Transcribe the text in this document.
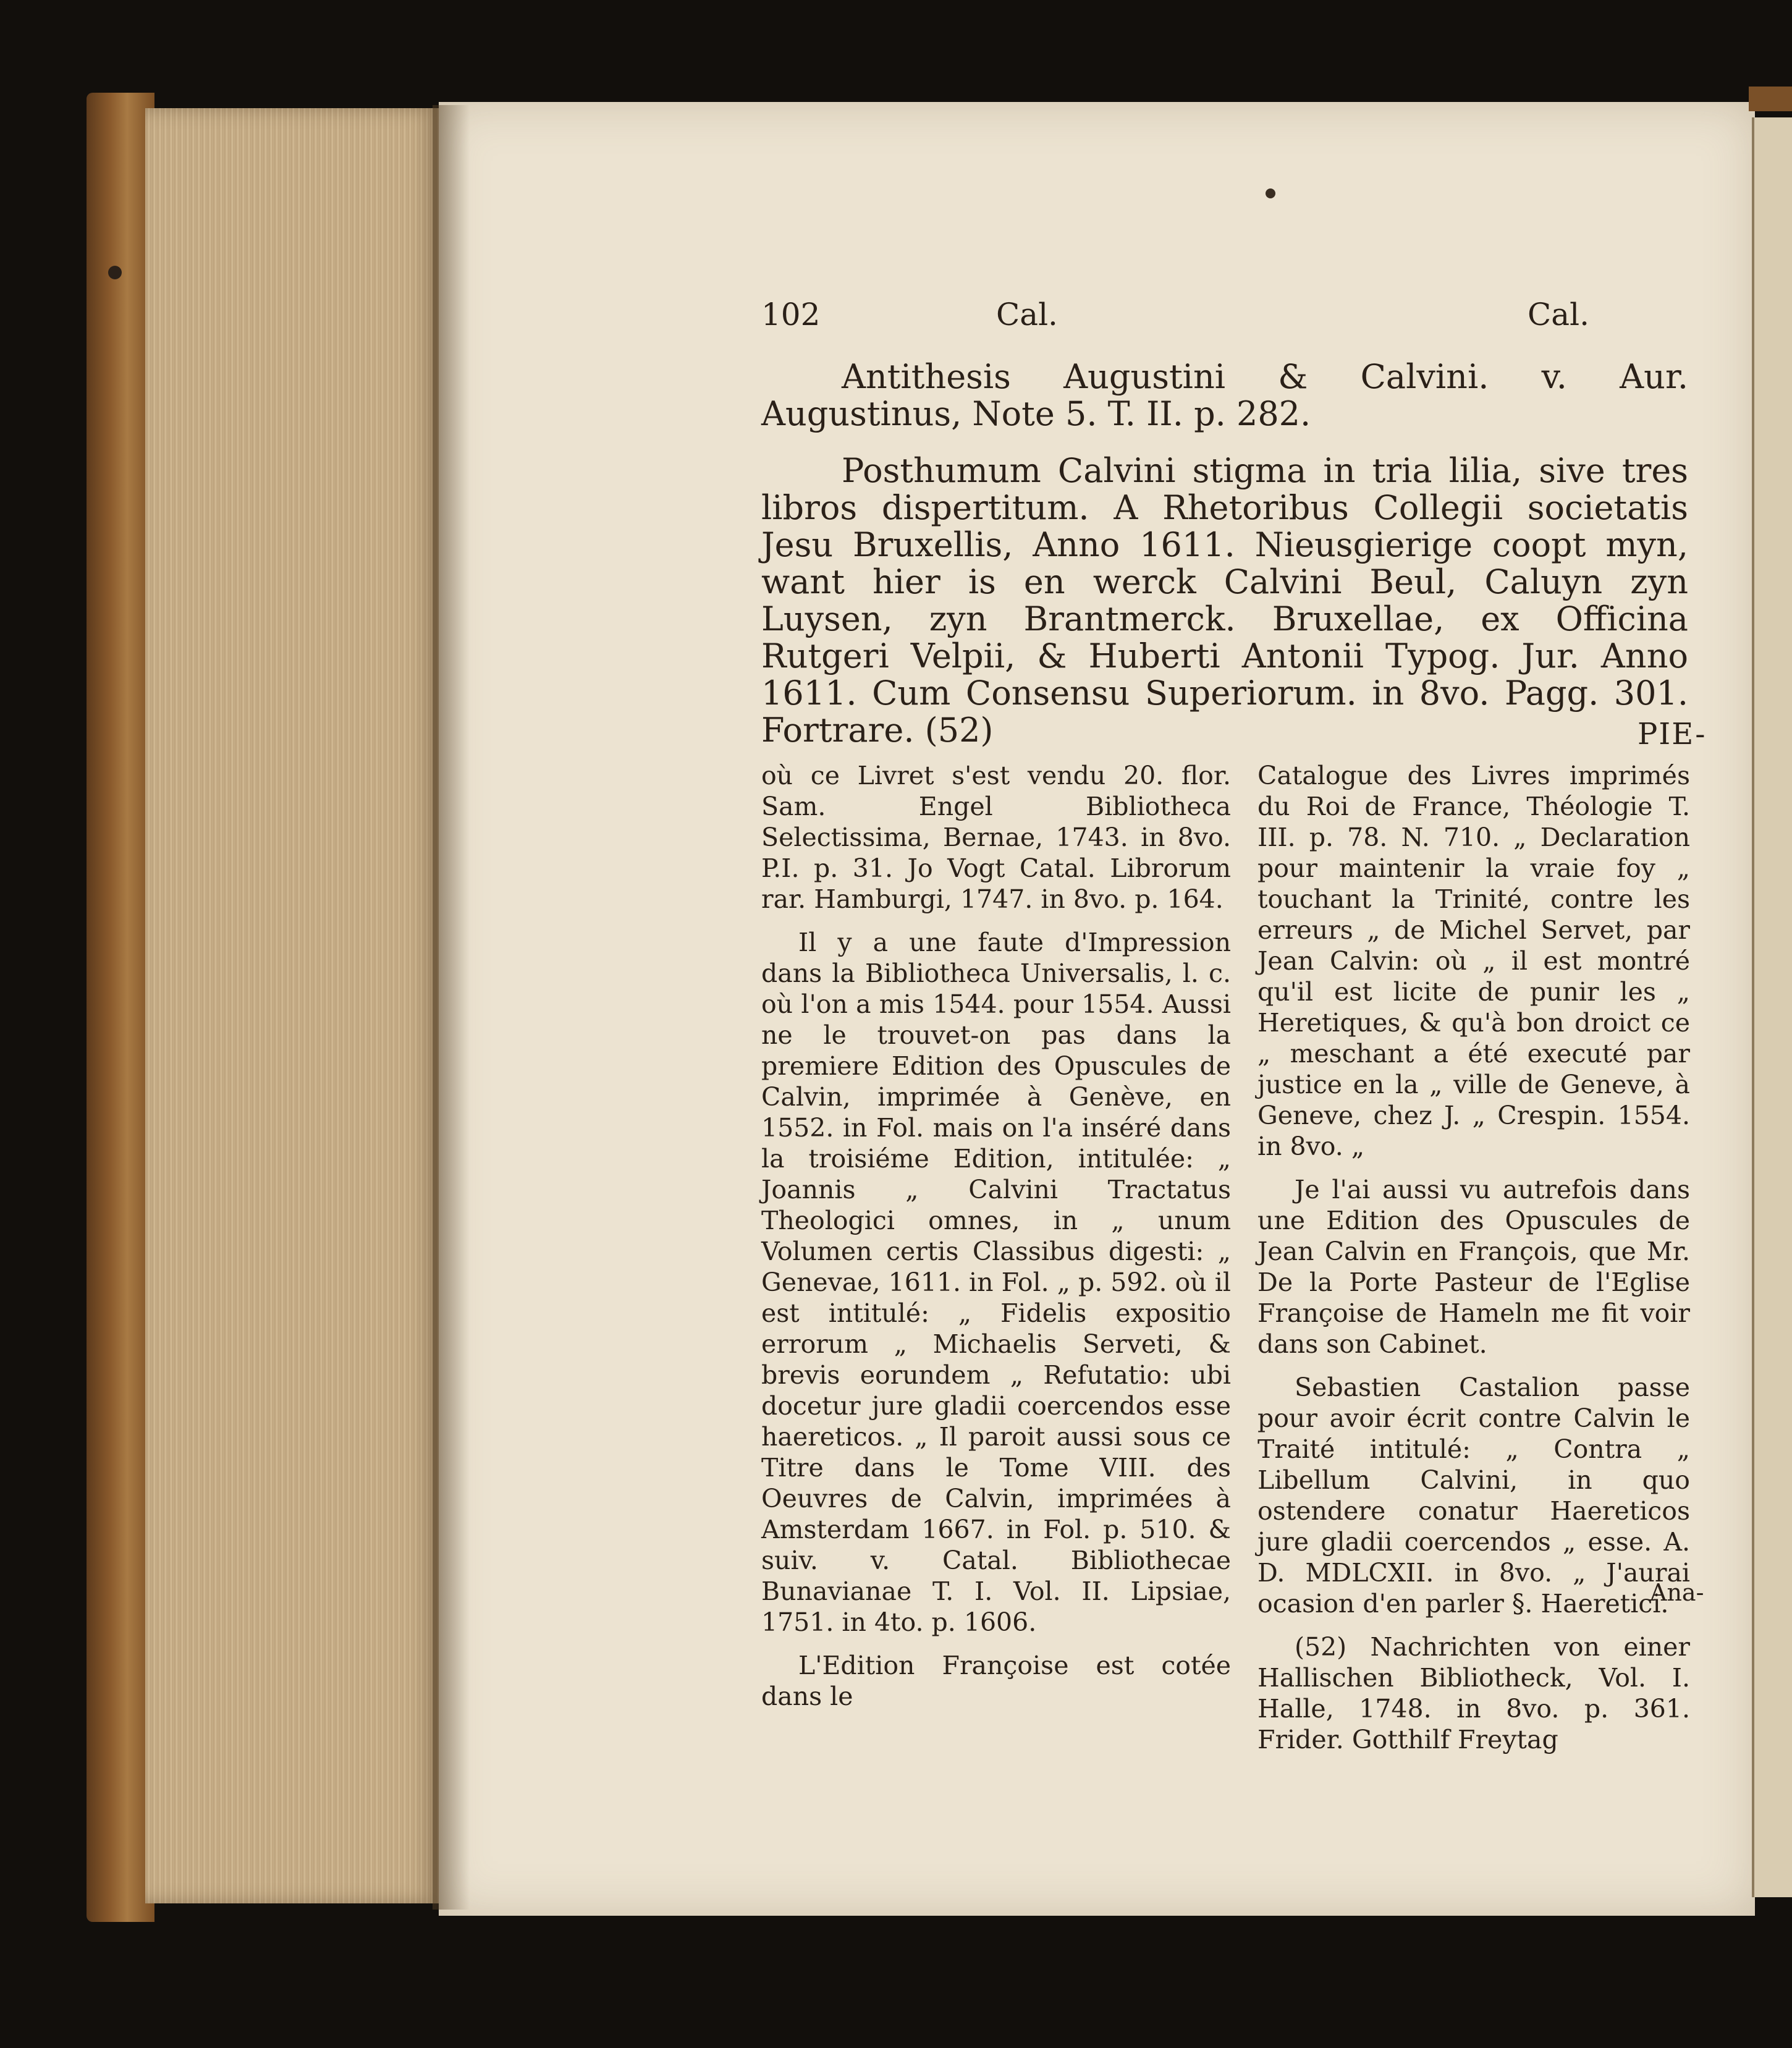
102	Cal.	Cal.

Antithesis Augustini & Calvini. v. Aur. Augustinus, Note 5. T. II. p. 282.

Posthumum Calvini stigma in tria lilia, sive tres libros dispertitum. A Rhetoribus Collegii societatis Jesu Bruxellis, Anno 1611. Nieusgierige coopt myn, want hier is en werck Calvini Beul, Caluyn zyn Luysen, zyn Brantmerck. Bruxellae, ex Officina Rutgeri Velpii, & Huberti Antonii Typog. Jur. Anno 1611. Cum Consensu Superiorum. in 8vo. Pagg. 301. Fortrare. (52)	PIE-

où ce Livret s'est vendu 20. flor. Sam. Engel Bibliotheca Selectissima, Bernae, 1743. in 8vo. P.I. p. 31. Jo Vogt Catal. Librorum rar. Hamburgi, 1747. in 8vo. p. 164.

Il y a une faute d'Impression dans la Bibliotheca Universalis, l. c. où l'on a mis 1544. pour 1554. Aussi ne le trouvet-on pas dans la premiere Edition des Opuscules de Calvin, imprimée à Genève, en 1552. in Fol. mais on l'a inséré dans la troisiéme Edition, intitulée: „ Joannis „ Calvini Tractatus Theologici omnes, in „ unum Volumen certis Classibus digesti: „ Genevae, 1611. in Fol. „ p. 592. où il est intitulé: „ Fidelis expositio errorum „ Michaelis Serveti, & brevis eorundem „ Refutatio: ubi docetur jure gladii coercendos esse haereticos. „ Il paroit aussi sous ce Titre dans le Tome VIII. des Oeuvres de Calvin, imprimées à Amsterdam 1667. in Fol. p. 510. & suiv. v. Catal. Bibliothecae Bunavianae T. I. Vol. II. Lipsiae, 1751. in 4to. p. 1606.

L'Edition Françoise est cotée dans le

Catalogue des Livres imprimés du Roi de France, Théologie T. III. p. 78. N. 710. „ Declaration pour maintenir la vraie foy „ touchant la Trinité, contre les erreurs „ de Michel Servet, par Jean Calvin: où „ il est montré qu'il est licite de punir les „ Heretiques, & qu'à bon droict ce „ meschant a été executé par justice en la „ ville de Geneve, à Geneve, chez J. „ Crespin. 1554. in 8vo. „

Je l'ai aussi vu autrefois dans une Edition des Opuscules de Jean Calvin en François, que Mr. De la Porte Pasteur de l'Eglise Françoise de Hameln me fit voir dans son Cabinet.

Sebastien Castalion passe pour avoir écrit contre Calvin le Traité intitulé: „ Contra „ Libellum Calvini, in quo ostendere conatur Haereticos jure gladii coercendos „ esse. A. D. MDLCXII. in 8vo. „ J'aurai ocasion d'en parler §. Haeretici.

(52) Nachrichten von einer Hallischen Bibliotheck, Vol. I. Halle, 1748. in 8vo. p. 361. Frider. Gotthilf Freytag

Ana-
